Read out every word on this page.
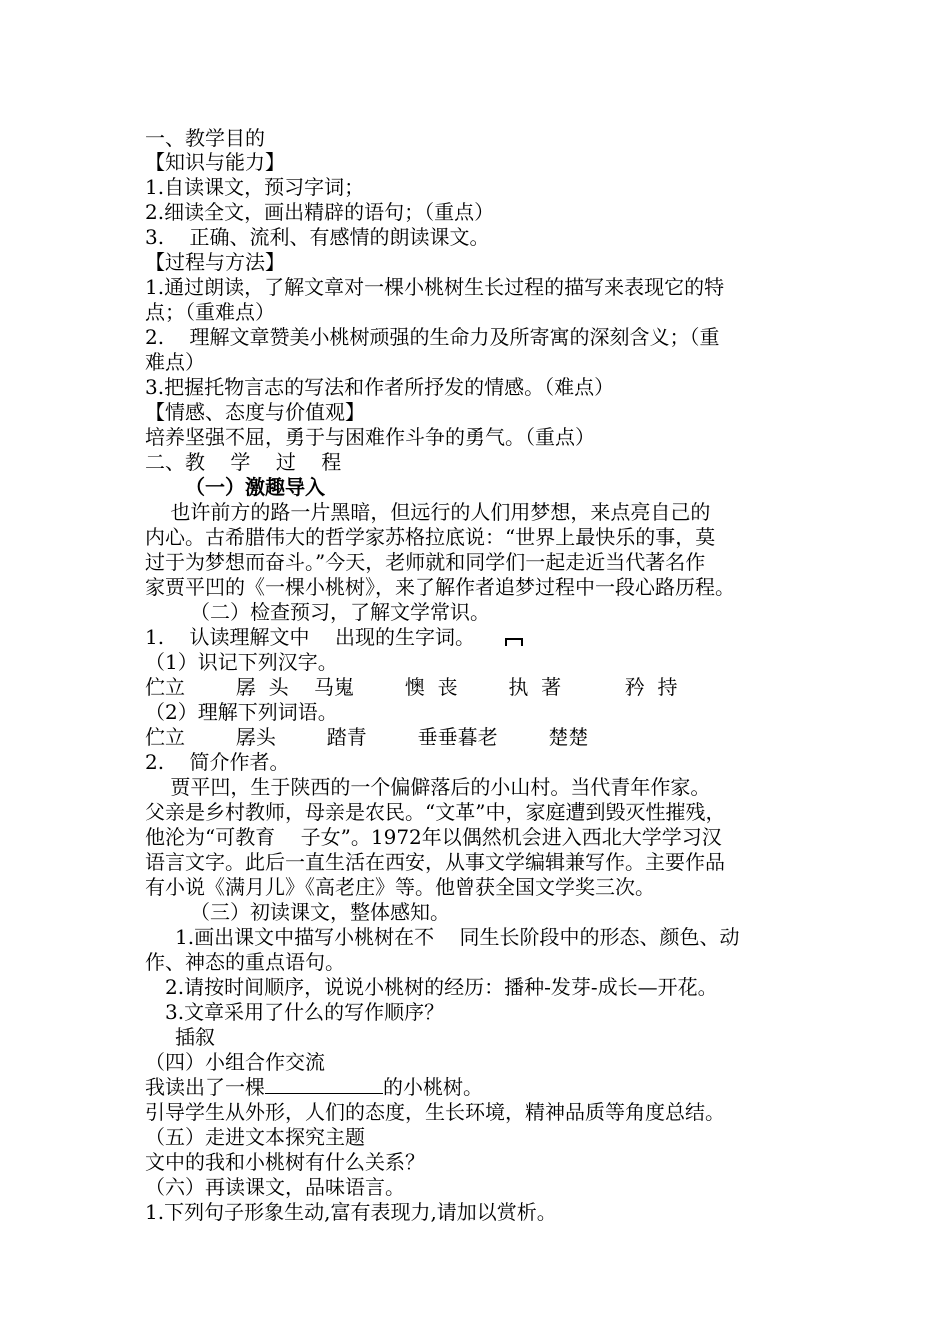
一、教学目的
【知识与能力】
1.自读课文，预习字词；
2.细读全文，画出精辟的语句；（重点）
3.    正确、流利、有感情的朗读课文。
【过程与方法】
1.通过朗读，了解文章对一棵小桃树生长过程的描写来表现它的特
点；（重难点）
2.    理解文章赞美小桃树顽强的生命力及所寄寓的深刻含义；（重
难点）
3.把握托物言志的写法和作者所抒发的情感。（难点）
【情感、态度与价值观】
培养坚强不屈，勇于与困难作斗争的勇气。（重点）
二、教    学    过    程
（一）激趣导入
也许前方的路一片黑暗，但远行的人们用梦想，来点亮自己的
内心。古希腊伟大的哲学家苏格拉底说：“世界上最快乐的事，莫
过于为梦想而奋斗。”今天，老师就和同学们一起走近当代著名作
家贾平凹的《一棵小桃树》，来了解作者追梦过程中一段心路历程。
（二）检查预习，了解文学常识。
1.    认读理解文中    出现的生字词。
（1）识记下列汉字。
伫立        孱  头    马嵬        懊  丧        执  著          矜  持
（2）理解下列词语。
伫立        孱头        踏青        垂垂暮老        楚楚
2.    简介作者。
贾平凹，生于陕西的一个偏僻落后的小山村。当代青年作家。
父亲是乡村教师，母亲是农民。“文革”中，家庭遭到毁灭性摧残，
他沦为“可教育    子女”。1972年以偶然机会进入西北大学学习汉
语言文字。此后一直生活在西安，从事文学编辑兼写作。主要作品
有小说《满月儿》《高老庄》等。他曾获全国文学奖三次。
（三）初读课文，整体感知。
1.画出课文中描写小桃树在不    同生长阶段中的形态、颜色、动
作、神态的重点语句。
2.请按时间顺序，说说小桃树的经历：播种-发芽-成长—开花。
3.文章采用了什么的写作顺序？
插叙
（四）小组合作交流
我读出了一棵	的小桃树。
引导学生从外形，人们的态度，生长环境，精神品质等角度总结。
（五）走进文本探究主题
文中的我和小桃树有什么关系？
（六）再读课文，品味语言。
1.下列句子形象生动,富有表现力,请加以赏析。
